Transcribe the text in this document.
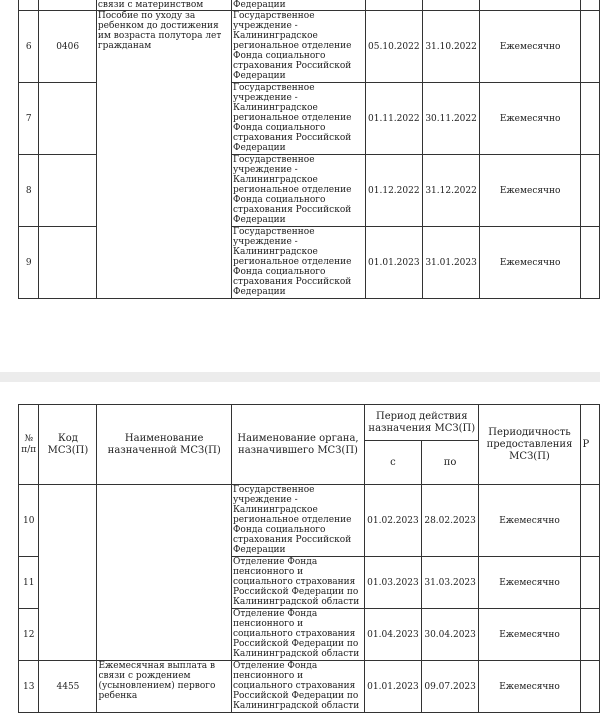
		связи с материнством	Федерации				
6	0406	Пособие по уходу за ребенком до достижения им возраста полутора лет гражданам	Государственное учреждение - Калининградское региональное отделение Фонда социального страхования Российской Федерации	05.10.2022	31.10.2022	Ежемесячно	
7			Государственное учреждение - Калининградское региональное отделение Фонда социального страхования Российской Федерации	01.11.2022	30.11.2022	Ежемесячно	
8			Государственное учреждение - Калининградское региональное отделение Фонда социального страхования Российской Федерации	01.12.2022	31.12.2022	Ежемесячно	
9			Государственное учреждение - Калининградское региональное отделение Фонда социального страхования Российской Федерации	01.01.2023	31.01.2023	Ежемесячно	
№ п/п	Код МСЗ(П)	Наименование назначенной МСЗ(П)	Наименование органа, назначившего МСЗ(П)	Период действия назначения МСЗ(П)		Периодичность предоставления МСЗ(П)	Р
				с	по		
10			Государственное учреждение - Калининградское региональное отделение Фонда социального страхования Российской Федерации	01.02.2023	28.02.2023	Ежемесячно	
11			Отделение Фонда пенсионного и социального страхования Российской Федерации по Калининградской области	01.03.2023	31.03.2023	Ежемесячно	
12			Отделение Фонда пенсионного и социального страхования Российской Федерации по Калининградской области	01.04.2023	30.04.2023	Ежемесячно	
13	4455	Ежемесячная выплата в связи с рождением (усыновлением) первого ребенка	Отделение Фонда пенсионного и социального страхования Российской Федерации по Калининградской области	01.01.2023	09.07.2023	Ежемесячно	
